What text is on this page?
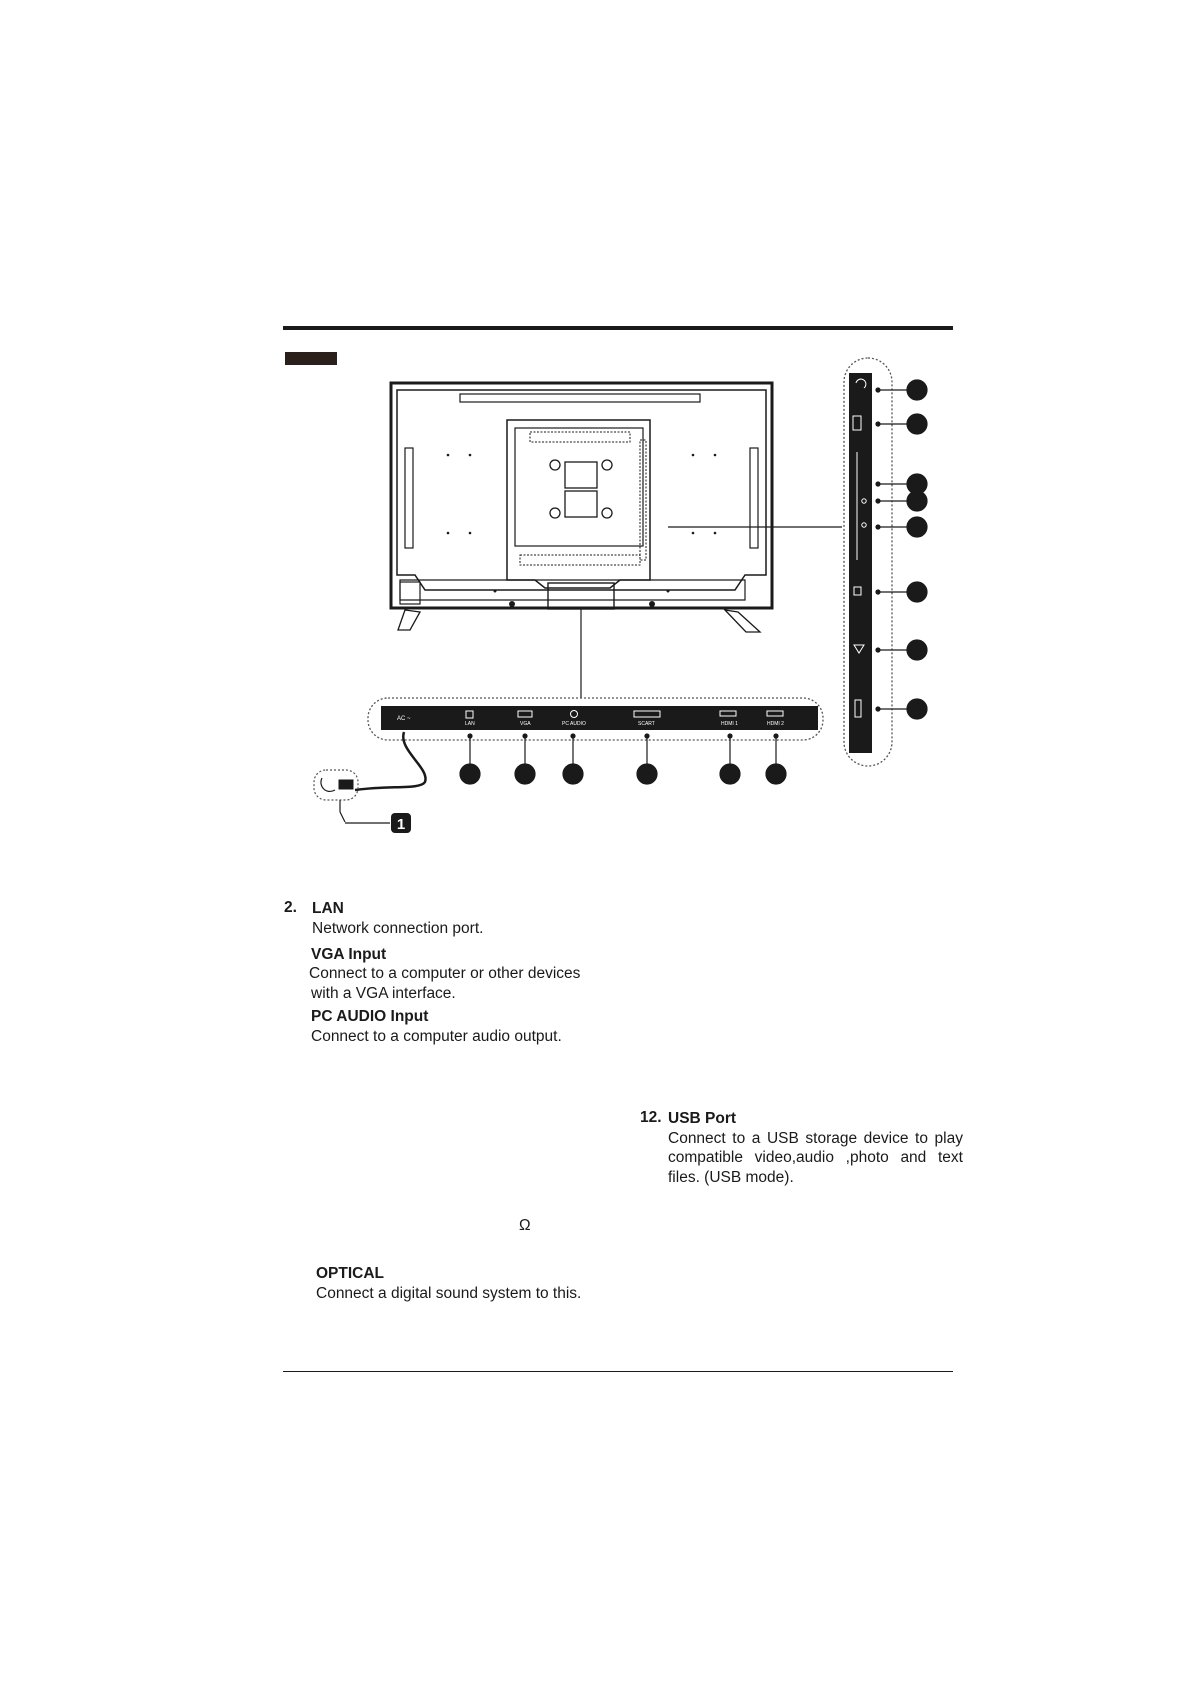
AC ~
LAN	VGA	PC AUDIO	SCART	HDMI 1	HDMI 2
1
2. LAN
Network connection port.
VGA Input
Connect to a computer or other devices
with a VGA interface.
PC AUDIO Input
Connect to a computer audio output.
12. USB Port
Connect to a USB storage device to play compatible video,audio ,photo and text files. (USB mode).
Ω
OPTICAL
Connect a digital sound system to this.
